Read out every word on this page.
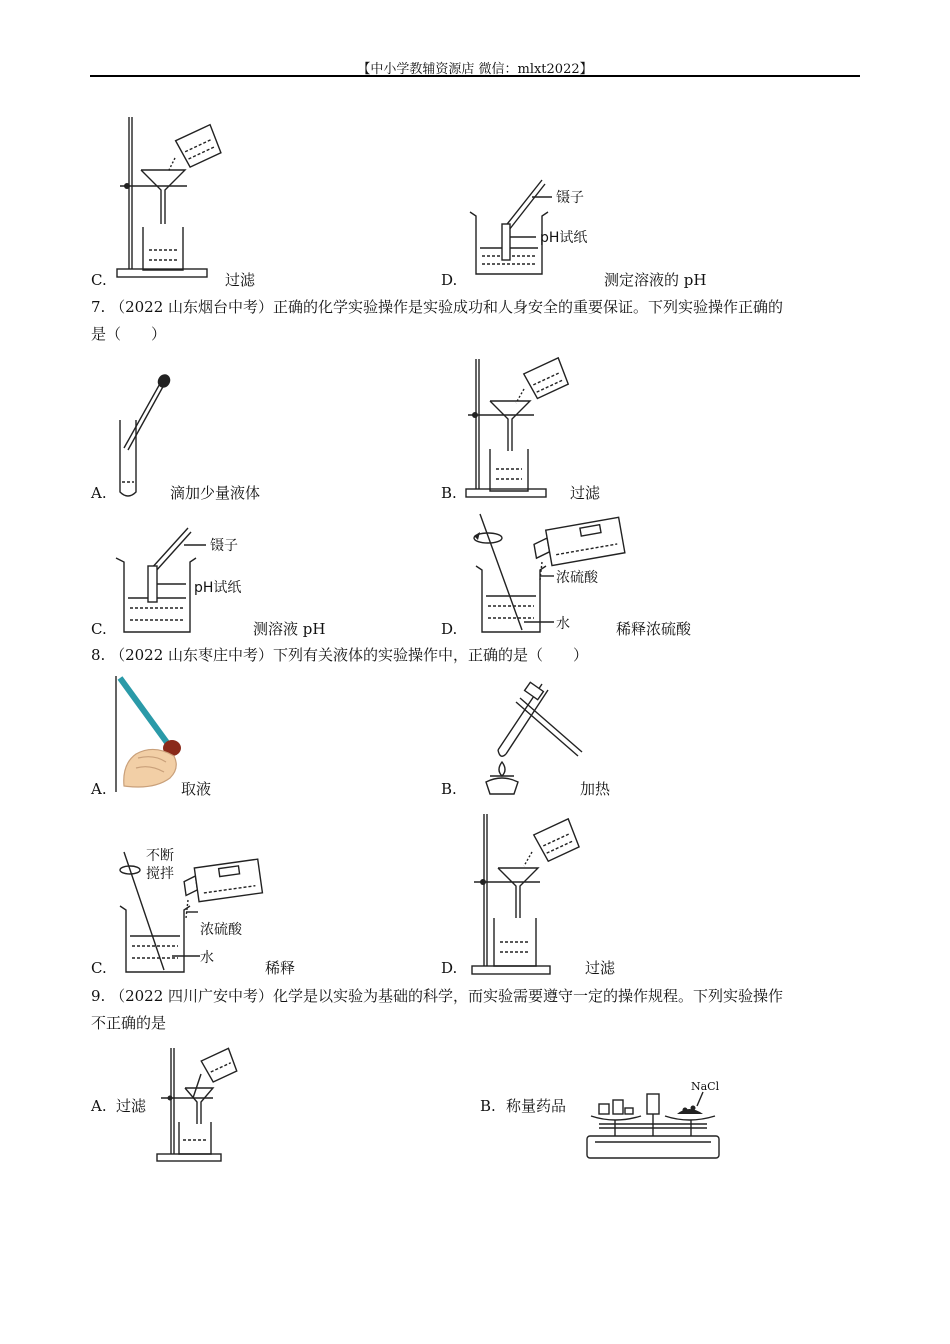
【中小学教辅资源店 微信：mlxt2022】
C.	过滤
镊子
pH试纸
D.	测定溶液的 pH
7. （2022 山东烟台中考）正确的化学实验操作是实验成功和人身安全的重要保证。下列实验操作正确的
是（　　）
A.	滴加少量液体	B.	过滤
镊子
pH试纸
C.	测溶液 pH
浓硫酸
水
D.	稀释浓硫酸
8. （2022 山东枣庄中考）下列有关液体的实验操作中，正确的是（　　）
A.	取液	B.	加热
不断
搅拌
浓硫酸
水
C.	稀释	D.	过滤
9. （2022 四川广安中考）化学是以实验为基础的科学，而实验需要遵守一定的操作规程。下列实验操作
不正确的是
A. 过滤	B. 称量药品
NaCl
